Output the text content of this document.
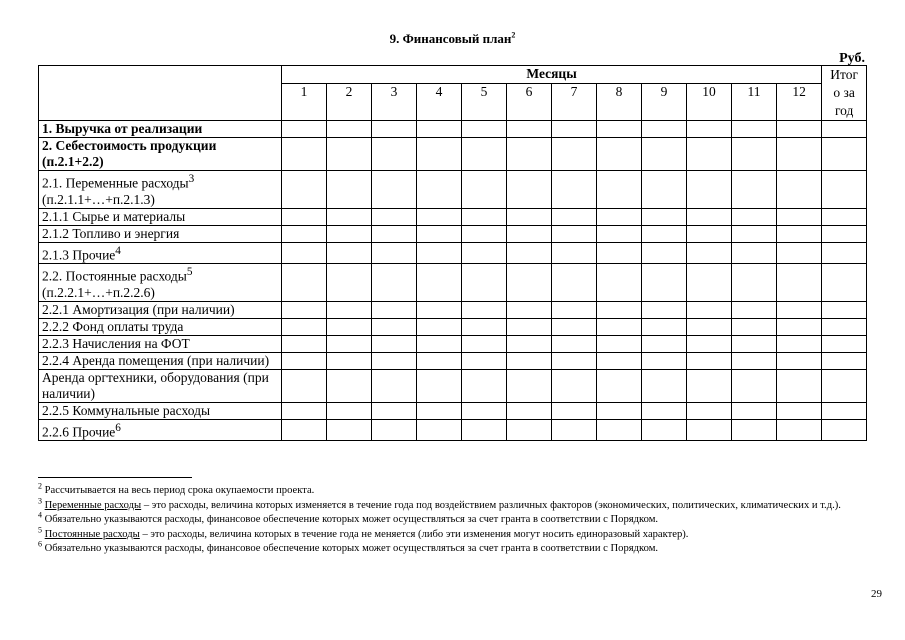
9. Финансовый план$^2$
Руб.
	Месяцы												Итог
о за
год
	1	2	3	4	5	6	7	8	9	10	11	12	
1. Выручка от реализации													
2. Себестоимость продукции (п.2.1+2.2)													
2.1. Переменные расходы$^3$
(п.2.1.1+…+п.2.1.3)													
2.1.1 Сырье и материалы													
2.1.2 Топливо и энергия													
2.1.3 Прочие$^4$													
2.2. Постоянные расходы$^5$
(п.2.2.1+…+п.2.2.6)													
2.2.1 Амортизация (при наличии)													
2.2.2 Фонд оплаты труда													
2.2.3 Начисления на ФОТ													
2.2.4 Аренда помещения (при наличии)													
Аренда оргтехники, оборудования (при наличии)													
2.2.5 Коммунальные расходы													
2.2.6 Прочие$^6$													

$^2$ Рассчитывается на весь период срока окупаемости проекта.

$^3$ Переменные расходы – это расходы, величина которых изменяется в течение года под воздействием различных факторов (экономических, политических, климатических и т.д.).

$^4$ Обязательно указываются расходы, финансовое обеспечение которых может осуществляться за счет гранта в соответствии с Порядком.

$^5$ Постоянные расходы – это расходы, величина которых в течение года не меняется (либо эти изменения могут носить единоразовый характер).

$^6$ Обязательно указываются расходы, финансовое обеспечение которых может осуществляться за счет гранта в соответствии с Порядком.

29
